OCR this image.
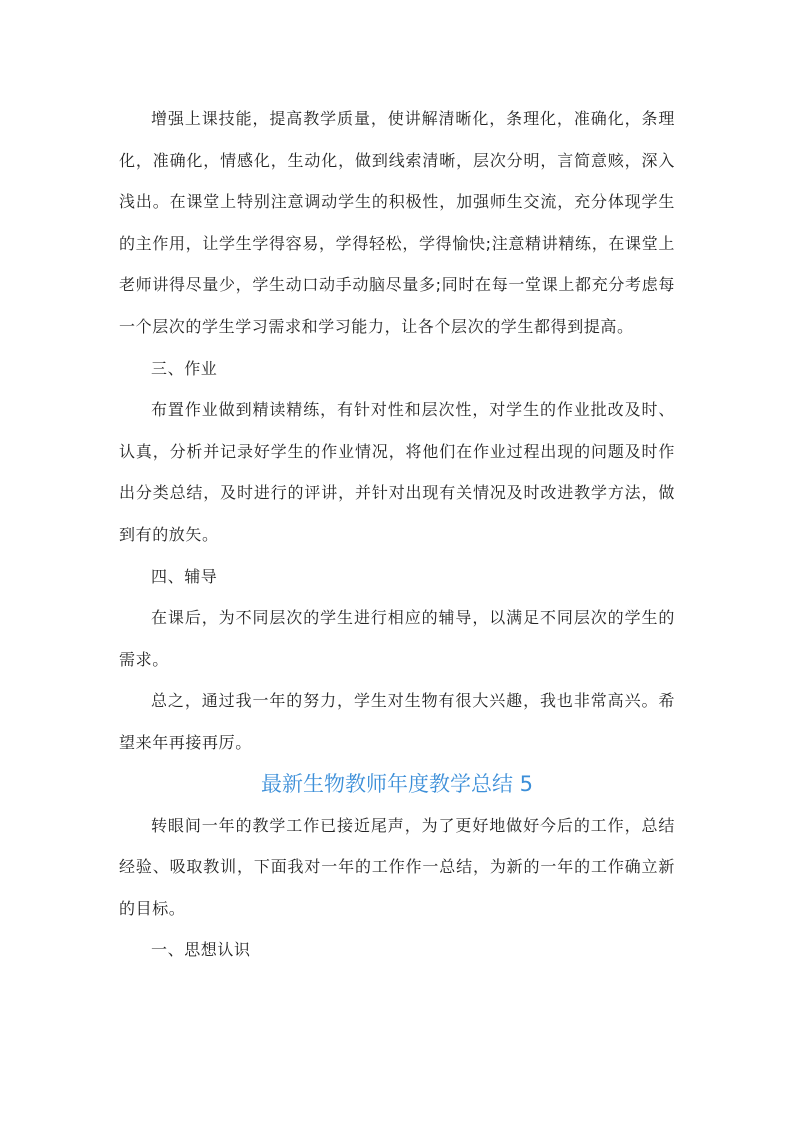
增强上课技能，提高教学质量，使讲解清晰化，条理化，准确化，条理化，准确化，情感化，生动化，做到线索清晰，层次分明，言简意赅，深入浅出。在课堂上特别注意调动学生的积极性，加强师生交流，充分体现学生的主作用，让学生学得容易，学得轻松，学得愉快;注意精讲精练，在课堂上老师讲得尽量少，学生动口动手动脑尽量多;同时在每一堂课上都充分考虑每一个层次的学生学习需求和学习能力，让各个层次的学生都得到提高。

三、作业

布置作业做到精读精练，有针对性和层次性，对学生的作业批改及时、认真，分析并记录好学生的作业情况，将他们在作业过程出现的问题及时作出分类总结，及时进行的评讲，并针对出现有关情况及时改进教学方法，做到有的放矢。

四、辅导

在课后，为不同层次的学生进行相应的辅导，以满足不同层次的学生的需求。

总之，通过我一年的努力，学生对生物有很大兴趣，我也非常高兴。希望来年再接再厉。

最新生物教师年度教学总结 5

转眼间一年的教学工作已接近尾声，为了更好地做好今后的工作，总结经验、吸取教训，下面我对一年的工作作一总结，为新的一年的工作确立新的目标。

一、思想认识
